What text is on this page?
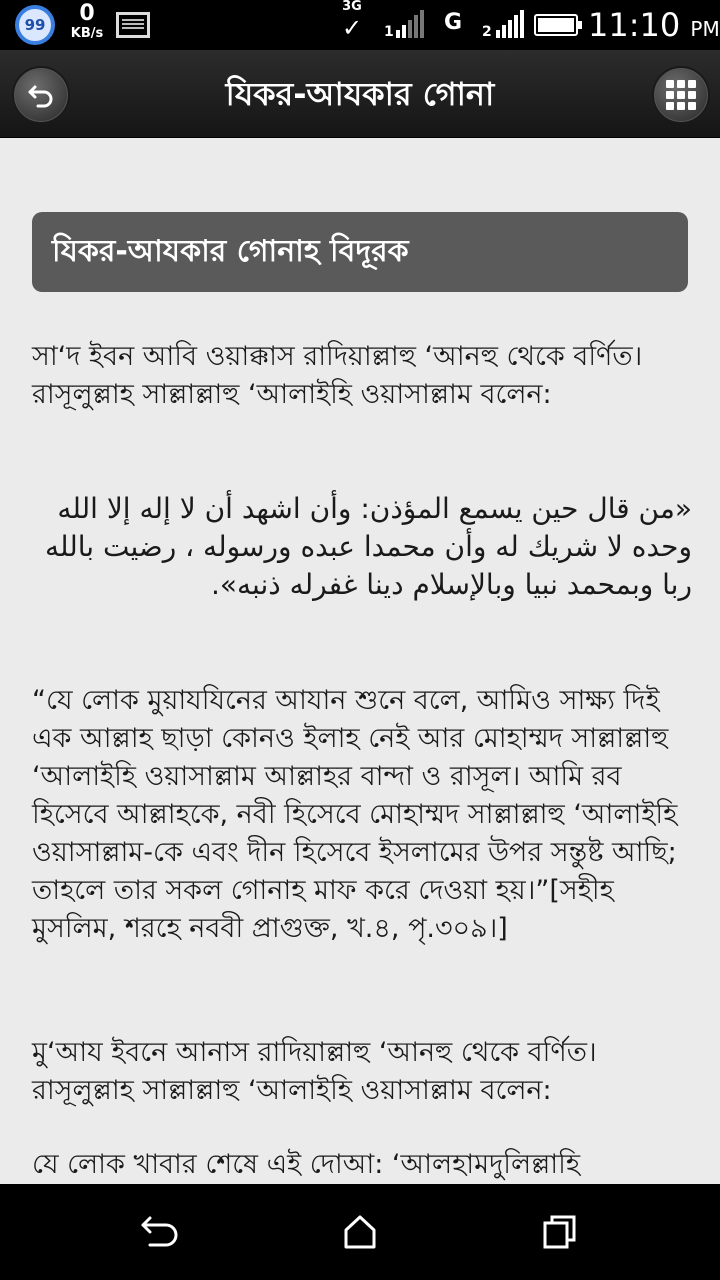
99	0
KB/s
3G
✓	1 G 2	11:10 PM
যিকর-আযকার গোনা
যিকর-আযকার গোনাহ বিদূরক

সা‘দ ইবন আবি ওয়াক্কাস রাদিয়াল্লাহু ‘আনহু থেকে বর্ণিত। রাসূলুল্লাহ সাল্লাল্লাহু ‘আলাইহি ওয়াসাল্লাম বলেন:

«من قال حين يسمع المؤذن: وأن اشهد أن لا إله إلا الله وحده لا شريك له وأن محمدا عبده ورسوله ، رضيت بالله ربا وبمحمد نبيا وبالإسلام دينا غفرله ذنبه».

“যে লোক মুয়াযযিনের আযান শুনে বলে, আমিও সাক্ষ্য দিই এক আল্লাহ ছাড়া কোনও ইলাহ নেই আর মোহাম্মদ সাল্লাল্লাহু ‘আলাইহি ওয়াসাল্লাম আল্লাহর বান্দা ও রাসূল। আমি রব হিসেবে আল্লাহকে, নবী হিসেবে মোহাম্মদ সাল্লাল্লাহু ‘আলাইহি ওয়াসাল্লাম-কে এবং দীন হিসেবে ইসলামের উপর সন্তুষ্ট আছি; তাহলে তার সকল গোনাহ মাফ করে দেওয়া হয়।”[সহীহ মুসলিম, শরহে নববী প্রাগুক্ত, খ.৪, পৃ.৩০৯।]

মু‘আয ইবনে আনাস রাদিয়াল্লাহু ‘আনহু থেকে বর্ণিত। রাসূলুল্লাহ সাল্লাল্লাহু ‘আলাইহি ওয়াসাল্লাম বলেন:

যে লোক খাবার শেষে এই দোআ: ‘আলহামদুলিল্লাহি
